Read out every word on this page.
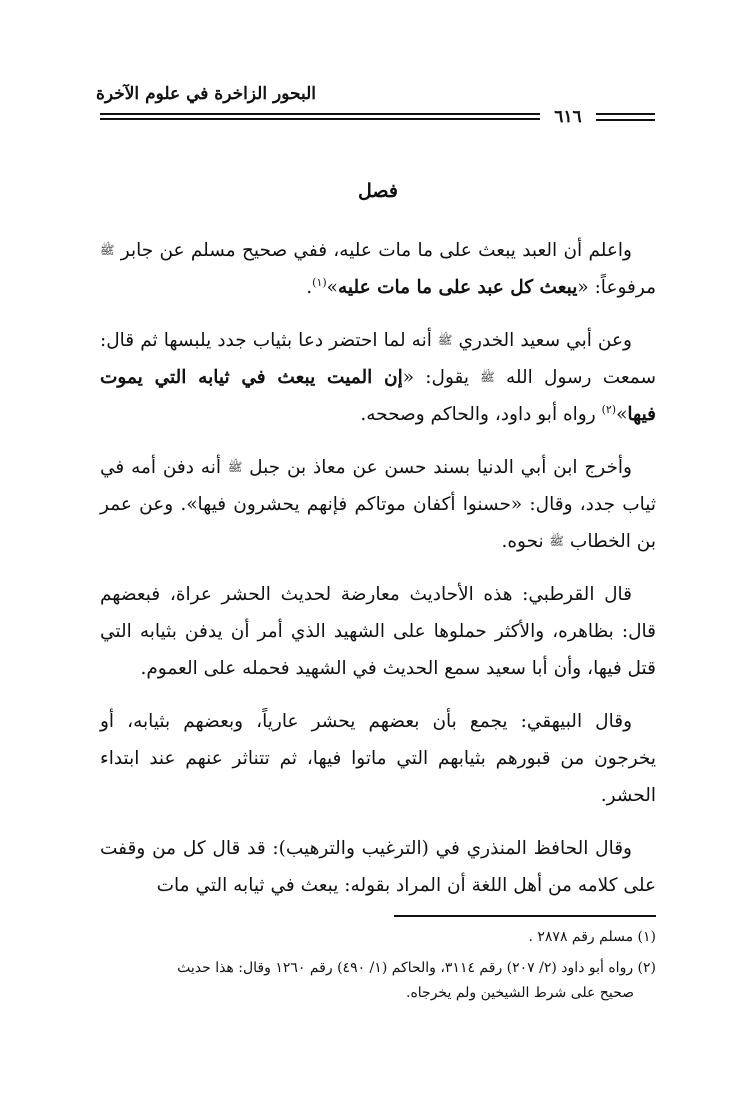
البحور الزاخرة في علوم الآخرة
٦١٦
فصل

واعلم أن العبد يبعث على ما مات عليه، ففي صحيح مسلم عن جابر ﷺ مرفوعاً: «يبعث كل عبد على ما مات عليه»$^{(١)}$.

وعن أبي سعيد الخدري ﷺ أنه لما احتضر دعا بثياب جدد يلبسها ثم قال: سمعت رسول الله ﷺ يقول: «إن الميت يبعث في ثيابه التي يموت فيها»$^{(٢)}$ رواه أبو داود، والحاكم وصححه.

وأخرج ابن أبي الدنيا بسند حسن عن معاذ بن جبل ﷺ أنه دفن أمه في ثياب جدد، وقال: «حسنوا أكفان موتاكم فإنهم يحشرون فيها». وعن عمر بن الخطاب ﷺ نحوه.

قال القرطبي: هذه الأحاديث معارضة لحديث الحشر عراة، فبعضهم قال: بظاهره، والأكثر حملوها على الشهيد الذي أمر أن يدفن بثيابه التي قتل فيها، وأن أبا سعيد سمع الحديث في الشهيد فحمله على العموم.

وقال البيهقي: يجمع بأن بعضهم يحشر عارياً، وبعضهم بثيابه، أو يخرجون من قبورهم بثيابهم التي ماتوا فيها، ثم تتناثر عنهم عند ابتداء الحشر.

وقال الحافظ المنذري في (الترغيب والترهيب): قد قال كل من وقفت على كلامه من أهل اللغة أن المراد بقوله: يبعث في ثيابه التي مات

(١) مسلم رقم ٢٨٧٨ .

(٢) رواه أبو داود (٢/ ٢٠٧) رقم ٣١١٤، والحاكم (١/ ٤٩٠) رقم ١٢٦٠ وقال: هذا حديث
صحيح على شرط الشيخين ولم يخرجاه.
